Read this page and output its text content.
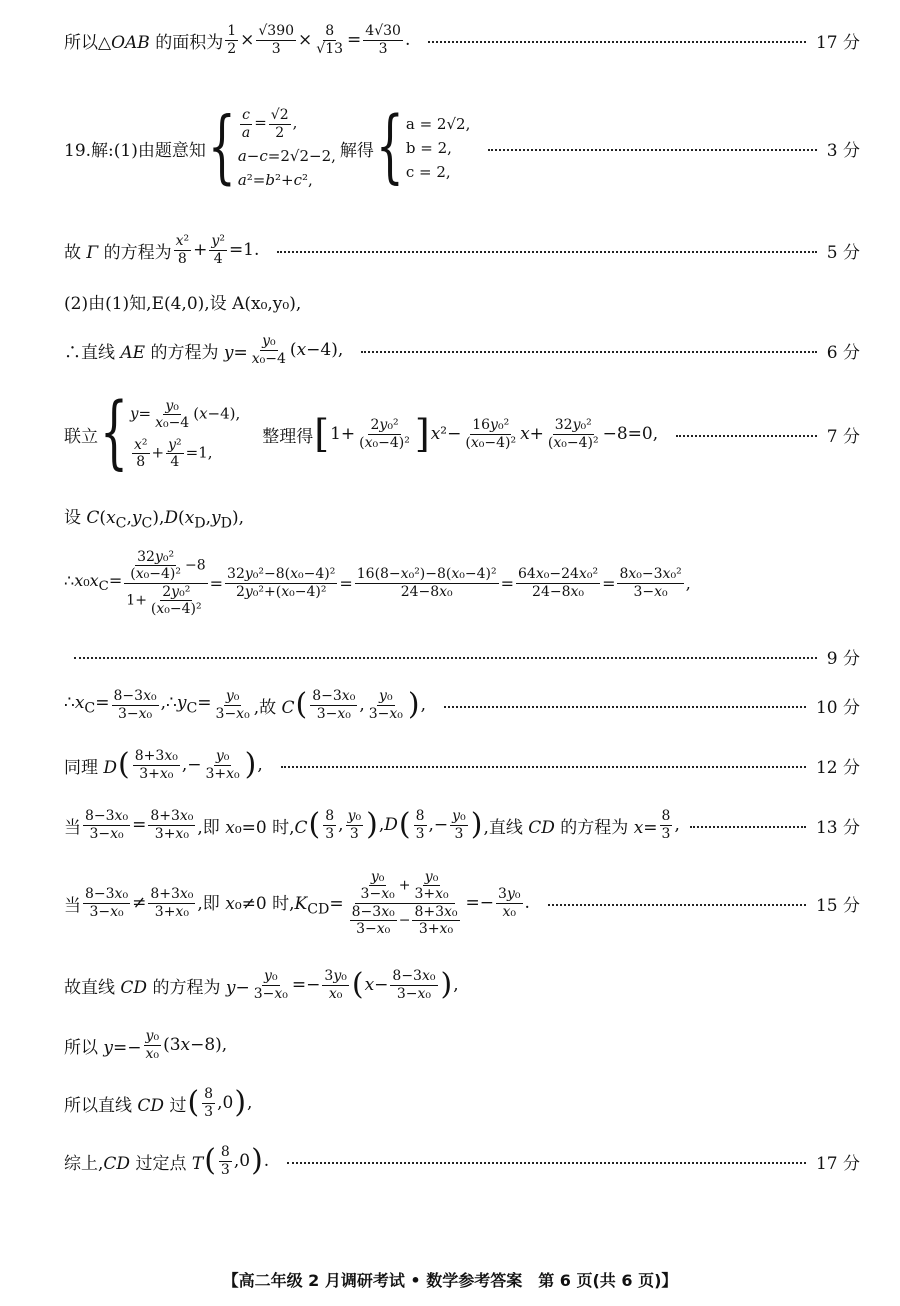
所以△OAB 的面积为 $\frac{1}{2} \times \frac{√390}{3} \times \frac{8}{√13} = \frac{4√30}{3}$ .	17 分
19.解:(1)由题意知 { $\frac{c}{a} = \frac{√2}{2}$ ,
a−c=2√2−2,
a²=b²+c²,
解得 { a = 2√2,
b = 2,
c = 2,
3 分
故 Γ 的方程为 $\frac{\text{x²}}{8} + \frac{\text{y²}}{4} =1$.	5 分
(2)由(1)知,E(4,0),设 A(x₀,y₀),
∴直线 AE 的方程为 $y= \frac{\text{y₀}}{\text{x₀−4}} (x-4)$,	6 分
联立 { $y= \frac{\text{y₀}}{\text{x₀−4}} (x-4)$,
$\frac{\text{x²}}{8} + \frac{\text{y²}}{4} =1$,
整理得 [ $1+ \frac{\text{2y₀²}}{\text{(x₀−4)²}}$ ] $x^2- \frac{\text{16y₀²}}{\text{(x₀−4)²}} x+ \frac{\text{32y₀²}}{\text{(x₀−4)²}} -8=0$,	7 分
设 $C(x_C,y_C),D(x_D,y_D)$,
$\therefore x_0x_C= \frac{\frac{\text{32y₀²}}{\text{(x₀−4)²}} -8}{1+ \frac{\text{2y₀²}}{\text{(x₀−4)²}}} = \frac{\text{32y₀²−8(x₀−4)²}}{\text{2y₀²+(x₀−4)²}} = \frac{\text{16(8−x₀²)−8(x₀−4)²}}{\text{24−8x₀}} = \frac{\text{64x₀−24x₀²}}{\text{24−8x₀}} = \frac{\text{8x₀−3x₀²}}{\text{3−x₀}}$ ,
9 分
$\therefore x_C= \frac{\text{8−3x₀}}{\text{3−x₀}}$ $,\therefore y_C= \frac{\text{y₀}}{\text{3−x₀}}$ ,故 C ( $\frac{\text{8−3x₀}}{\text{3−x₀}}$ , $\frac{\text{y₀}}{\text{3−x₀}}$ ) ,	10 分
同理 D ( $\frac{\text{8+3x₀}}{\text{3+x₀}}$ ,− $\frac{\text{y₀}}{\text{3+x₀}}$ ) ,	12 分
当 $\frac{\text{8−3x₀}}{\text{3−x₀}} = \frac{\text{8+3x₀}}{\text{3+x₀}}$ ,即 x₀=0 时,C ( $\frac{8}{3}$ , $\frac{\text{y₀}}{3}$ ) ,D ( $\frac{8}{3}$ ,− $\frac{\text{y₀}}{3}$ ) ,直线 CD 的方程为 $x= \frac{8}{3}$ ,	13 分
当 $\frac{\text{8−3x₀}}{\text{3−x₀}} \ne \frac{\text{8+3x₀}}{\text{3+x₀}}$ ,即 x₀≠0 时$,K_{CD}= \frac{\frac{\text{y₀}}{\text{3−x₀}} + \frac{\text{y₀}}{\text{3+x₀}}}{\frac{\text{8−3x₀}}{\text{3−x₀}} - \frac{\text{8+3x₀}}{\text{3+x₀}}} =- \frac{\text{3y₀}}{\text{x₀}}$ .	15 分
故直线 CD 的方程为 $y- \frac{\text{y₀}}{\text{3−x₀}} =- \frac{\text{3y₀}}{\text{x₀}}$ ( $x - \frac{\text{8−3x₀}}{\text{3−x₀}}$ ) ,
所以 $y=- \frac{\text{y₀}}{\text{x₀}} (3x-8)$,
所以直线 CD 过 ( $\frac{8}{3} ,0$ ) ,
综上,CD 过定点 T ( $\frac{8}{3} ,0$ ) .	17 分
【高二年级 2 月调研考试 • 数学参考答案　第 6 页(共 6 页)】
